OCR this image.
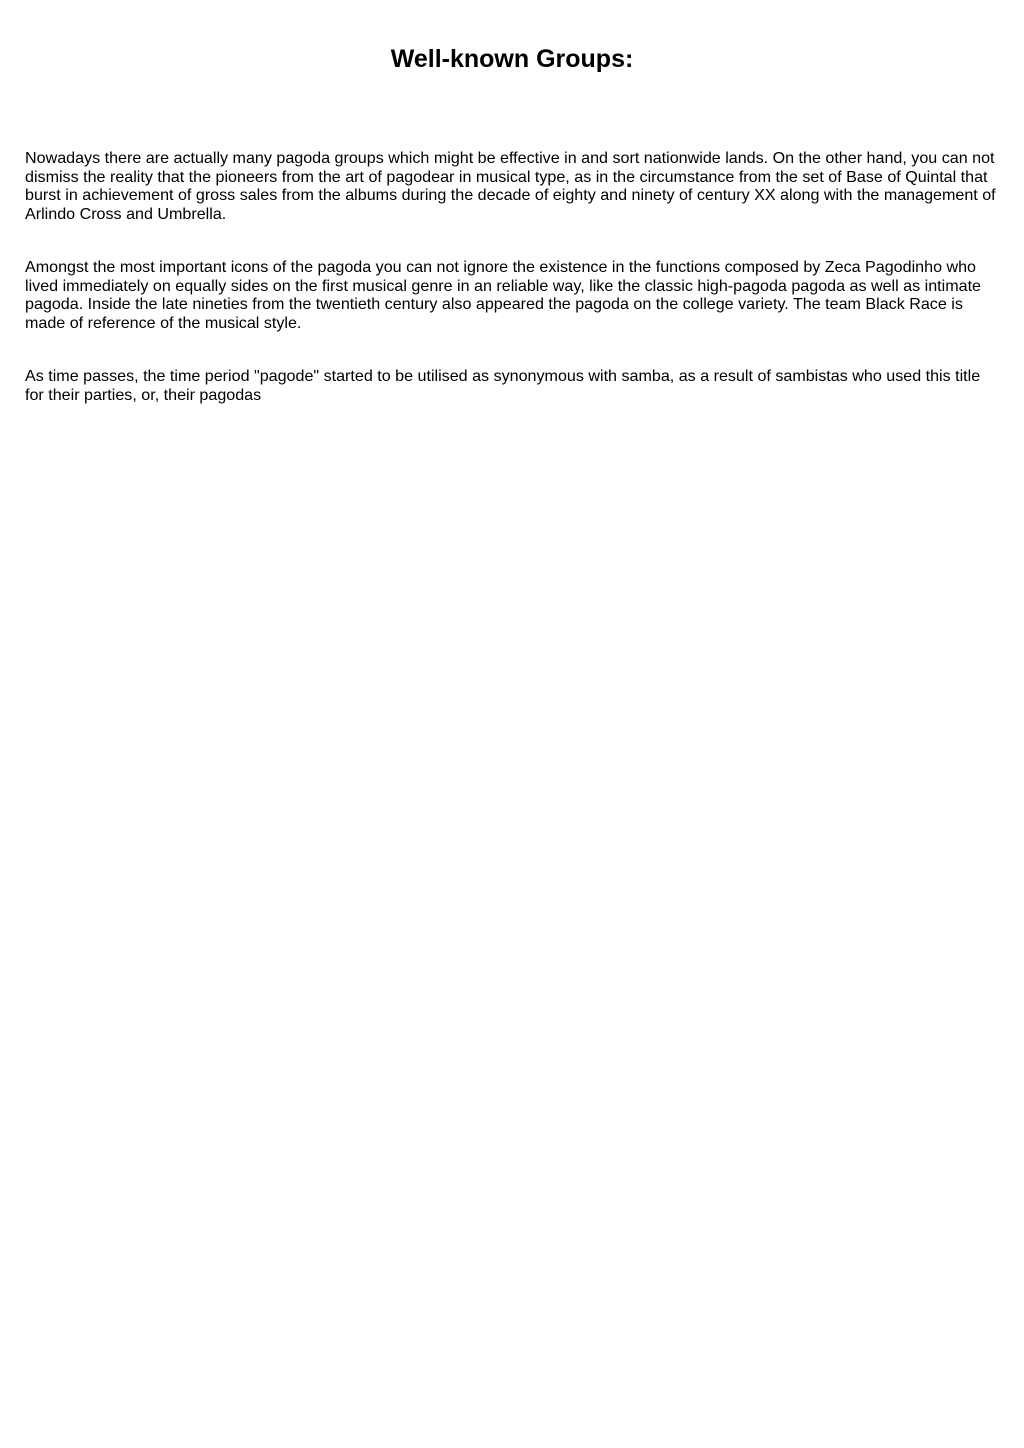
Well-known Groups:

Nowadays there are actually many pagoda groups which might be effective in and sort nationwide lands. On the other hand, you can not dismiss the reality that the pioneers from the art of pagodear in musical type, as in the circumstance from the set of Base of Quintal that burst in achievement of gross sales from the albums during the decade of eighty and ninety of century XX along with the management of Arlindo Cross and Umbrella.

Amongst the most important icons of the pagoda you can not ignore the existence in the functions composed by Zeca Pagodinho who lived immediately on equally sides on the first musical genre in an reliable way, like the classic high-pagoda pagoda as well as intimate pagoda. Inside the late nineties from the twentieth century also appeared the pagoda on the college variety. The team Black Race is made of reference of the musical style.

As time passes, the time period "pagode" started to be utilised as synonymous with samba, as a result of sambistas who used this title for their parties, or, their pagodas
